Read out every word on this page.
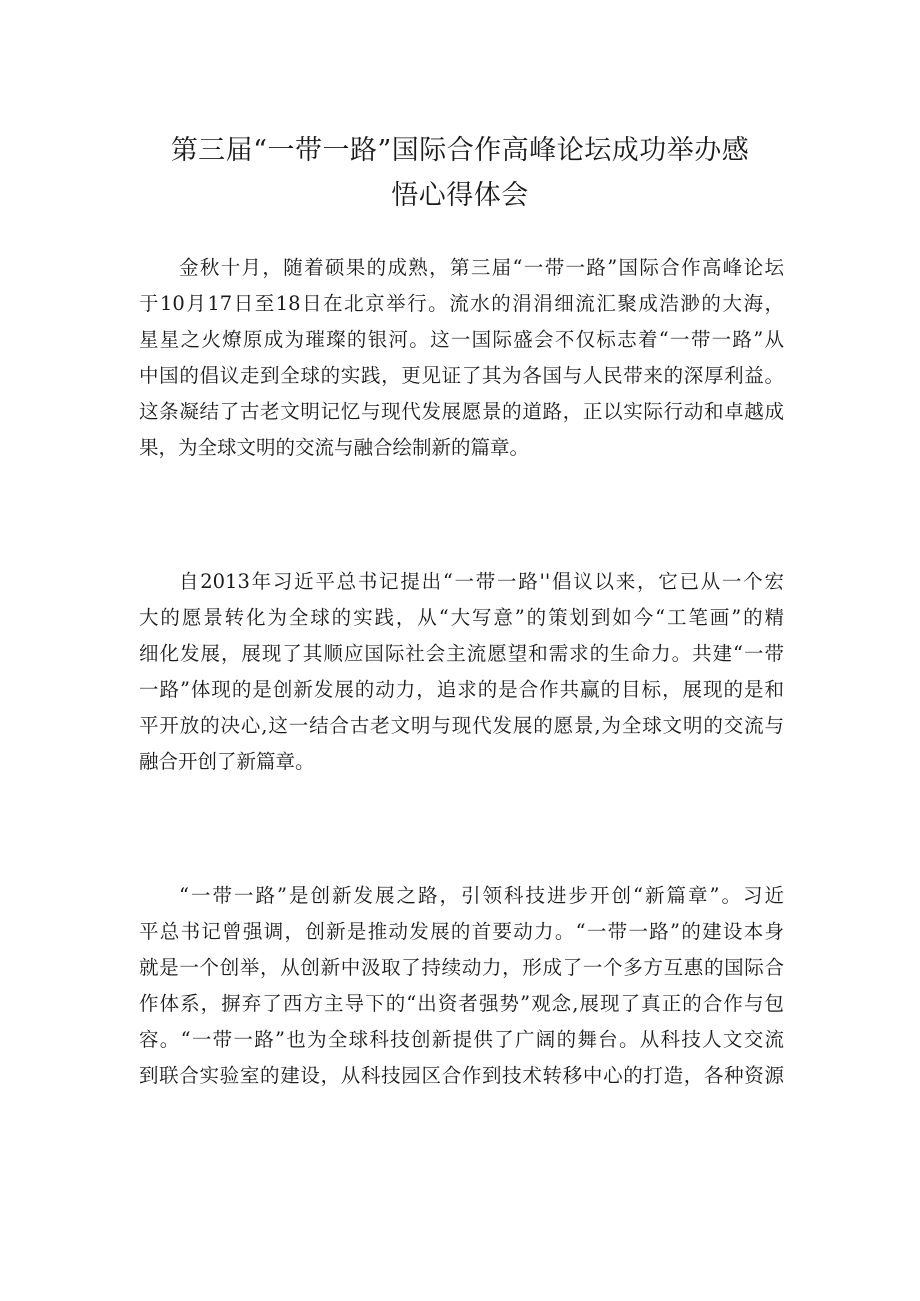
第三届“一带一路”国际合作高峰论坛成功举办感
悟心得体会
金秋十月，随着硕果的成熟，第三届“一带一路”国际合作高峰论坛
于10月17日至18日在北京举行。流水的涓涓细流汇聚成浩渺的大海，
星星之火燎原成为璀璨的银河。这一国际盛会不仅标志着“一带一路”从
中国的倡议走到全球的实践，更见证了其为各国与人民带来的深厚利益。
这条凝结了古老文明记忆与现代发展愿景的道路，正以实际行动和卓越成
果，为全球文明的交流与融合绘制新的篇章。
自2013年习近平总书记提出“一带一路''倡议以来，它已从一个宏
大的愿景转化为全球的实践，从“大写意”的策划到如今“工笔画”的精
细化发展，展现了其顺应国际社会主流愿望和需求的生命力。共建“一带
一路”体现的是创新发展的动力，追求的是合作共赢的目标，展现的是和
平开放的决心,这一结合古老文明与现代发展的愿景,为全球文明的交流与
融合开创了新篇章。
“一带一路”是创新发展之路，引领科技进步开创“新篇章”。习近
平总书记曾强调，创新是推动发展的首要动力。“一带一路”的建设本身
就是一个创举，从创新中汲取了持续动力，形成了一个多方互惠的国际合
作体系，摒弃了西方主导下的“出资者强势”观念,展现了真正的合作与包
容。“一带一路”也为全球科技创新提供了广阔的舞台。从科技人文交流
到联合实验室的建设，从科技园区合作到技术转移中心的打造，各种资源
